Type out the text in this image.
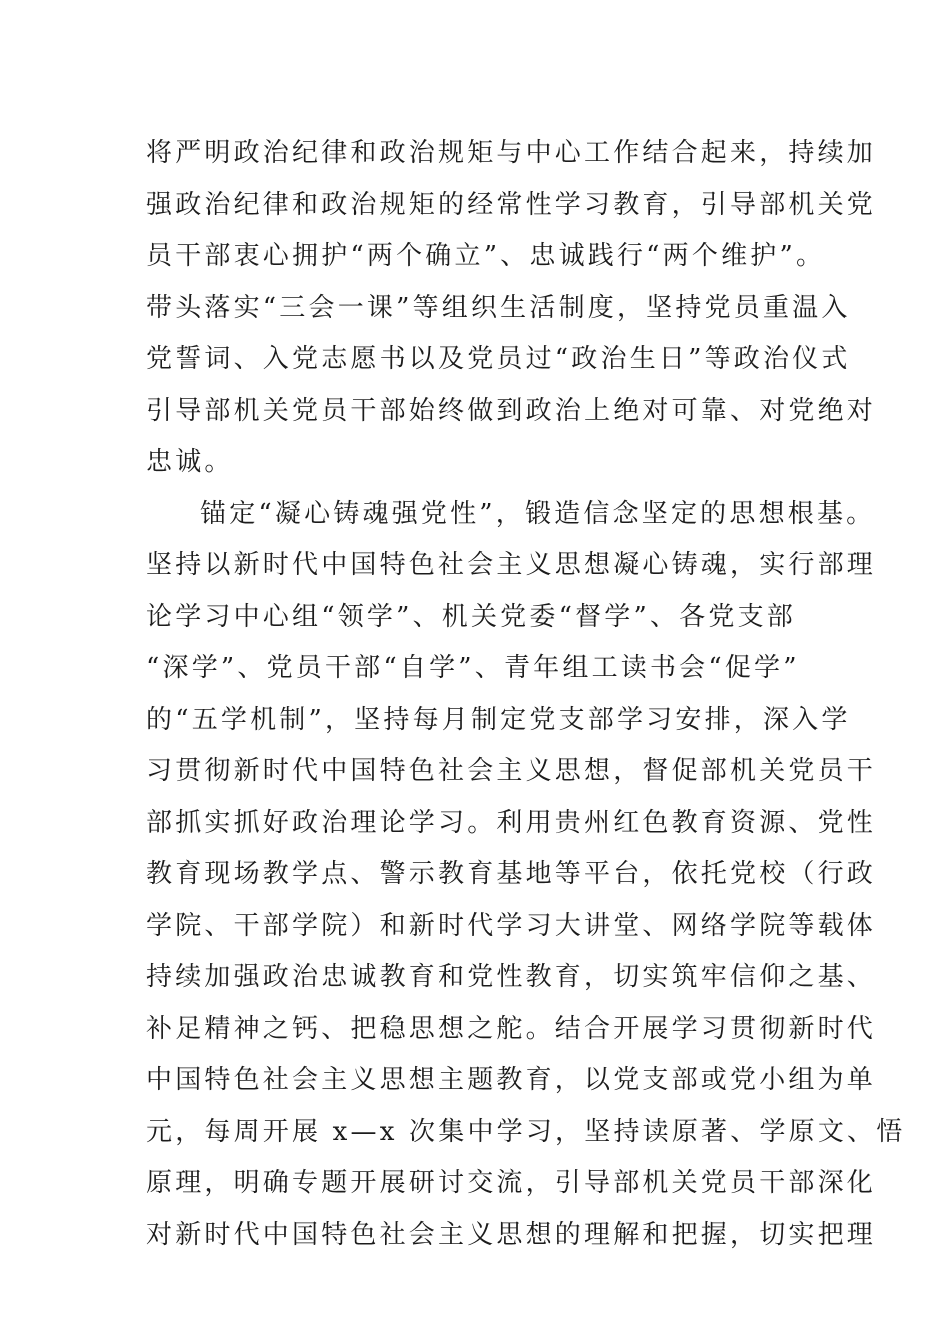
将严明政治纪律和政治规矩与中心工作结合起来，持续加
强政治纪律和政治规矩的经常性学习教育，引导部机关党
员干部衷心拥护“两个确立”、忠诚践行“两个维护”。
带头落实“三会一课”等组织生活制度，坚持党员重温入
党誓词、入党志愿书以及党员过“政治生日”等政治仪式
引导部机关党员干部始终做到政治上绝对可靠、对党绝对
忠诚。
锚定“凝心铸魂强党性”，锻造信念坚定的思想根基。
坚持以新时代中国特色社会主义思想凝心铸魂，实行部理
论学习中心组“领学”、机关党委“督学”、各党支部
“深学”、党员干部“自学”、青年组工读书会“促学”
的“五学机制”，坚持每月制定党支部学习安排，深入学
习贯彻新时代中国特色社会主义思想，督促部机关党员干
部抓实抓好政治理论学习。利用贵州红色教育资源、党性
教育现场教学点、警示教育基地等平台，依托党校（行政
学院、干部学院）和新时代学习大讲堂、网络学院等载体
持续加强政治忠诚教育和党性教育，切实筑牢信仰之基、
补足精神之钙、把稳思想之舵。结合开展学习贯彻新时代
中国特色社会主义思想主题教育，以党支部或党小组为单
元，每周开展 x—x 次集中学习，坚持读原著、学原文、悟
原理，明确专题开展研讨交流，引导部机关党员干部深化
对新时代中国特色社会主义思想的理解和把握，切实把理
